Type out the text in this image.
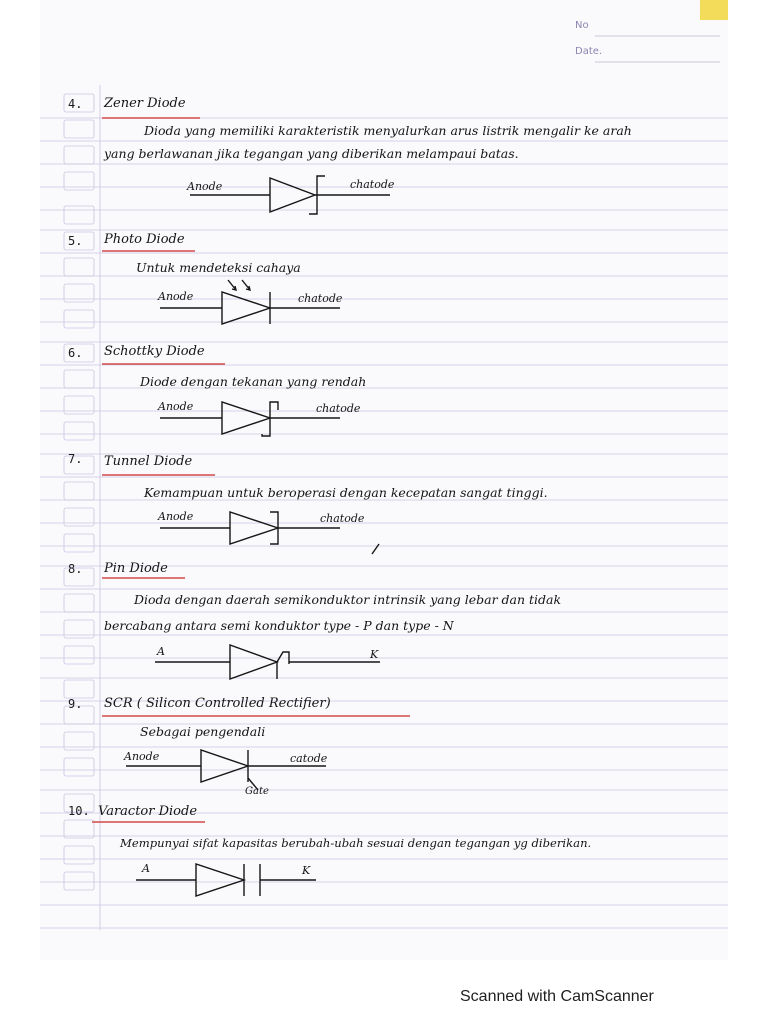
No
Date.
4. Zener Diode
Dioda yang memiliki karakteristik menyalurkan arus listrik mengalir ke arah
yang berlawanan jika tegangan yang diberikan melampaui batas.
Anode	chatode
5. Photo Diode
Untuk mendeteksi cahaya
Anode	chatode
6. Schottky Diode
Diode dengan tekanan yang rendah
Anode	chatode
7. Tunnel Diode
Kemampuan untuk beroperasi dengan kecepatan sangat tinggi.
Anode	chatode
8. Pin Diode
Dioda dengan daerah semikonduktor intrinsik yang lebar dan tidak
bercabang antara semi konduktor type - P dan type - N
A	K
9. SCR ( Silicon Controlled Rectifier)
Sebagai pengendali
Anode	catode
Gate
10. Varactor Diode
Mempunyai sifat kapasitas berubah-ubah sesuai dengan tegangan yg diberikan.
A	K
Scanned with CamScanner
